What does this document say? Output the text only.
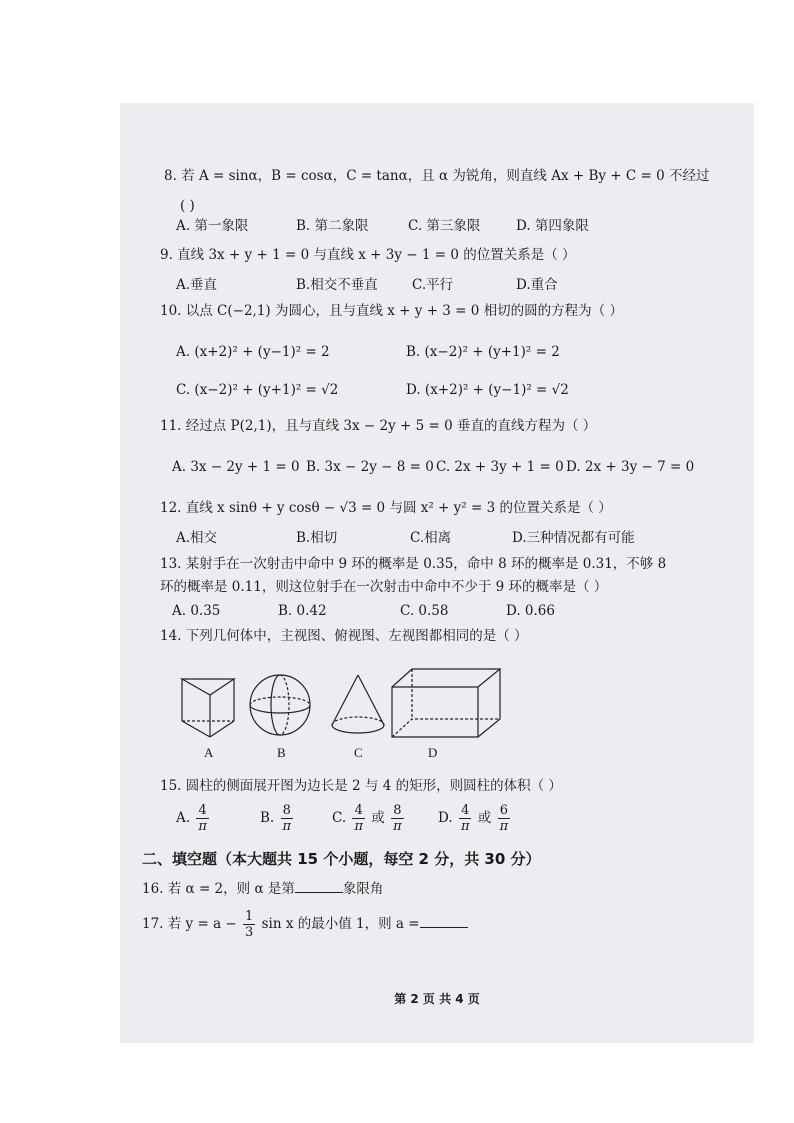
8. 若 A = sinα，B = cosα，C = tanα，且 α 为锐角，则直线 Ax + By + C = 0 不经过
( )
A. 第一象限	B. 第二象限	C. 第三象限	D. 第四象限
9. 直线 3x + y + 1 = 0 与直线 x + 3y − 1 = 0 的位置关系是（ ）
A.垂直	B.相交不垂直	C.平行	D.重合
10. 以点 C(−2,1) 为圆心，且与直线 x + y + 3 = 0 相切的圆的方程为（ ）
A. (x+2)² + (y−1)² = 2	B. (x−2)² + (y+1)² = 2
C. (x−2)² + (y+1)² = √2	D. (x+2)² + (y−1)² = √2
11. 经过点 P(2,1)，且与直线 3x − 2y + 5 = 0 垂直的直线方程为（ ）
A. 3x − 2y + 1 = 0 B. 3x − 2y − 8 = 0 C. 2x + 3y + 1 = 0 D. 2x + 3y − 7 = 0
12. 直线 x sinθ + y cosθ − √3 = 0 与圆 x² + y² = 3 的位置关系是（ ）
A.相交	B.相切	C.相离	D.三种情况都有可能
13. 某射手在一次射击中命中 9 环的概率是 0.35，命中 8 环的概率是 0.31，不够 8
环的概率是 0.11，则这位射手在一次射击中命中不少于 9 环的概率是（ ）
A. 0.35	B. 0.42	C. 0.58	D. 0.66
14. 下列几何体中，主视图、俯视图、左视图都相同的是（ ）
A	B	C	D
15. 圆柱的侧面展开图为边长是 2 与 4 的矩形，则圆柱的体积（ ）
A. $\frac{4}{\pi}$	B. $\frac{8}{\pi}$	C. $\frac{4}{\pi}$ 或 $\frac{8}{\pi}$	D. $\frac{4}{\pi}$ 或 $\frac{6}{\pi}$
二、填空题（本大题共 15 个小题，每空 2 分，共 30 分）
16. 若 α = 2，则 α 是第	象限角
17. 若 $y = a - \frac{1}{3}$ sin x 的最小值 1，则 a =
第 2 页 共 4 页
